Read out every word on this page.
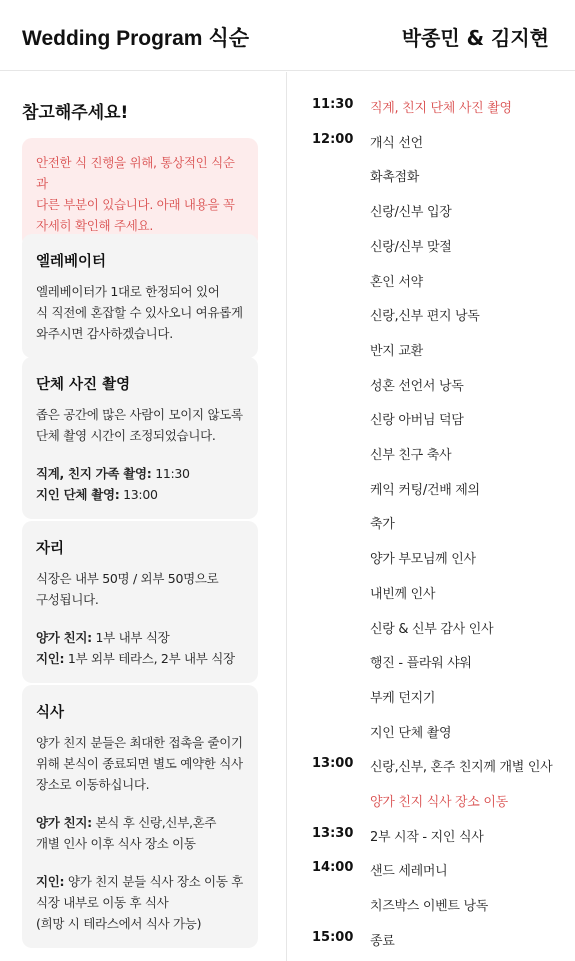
Wedding Program 식순	박종민 & 김지현
참고해주세요!

안전한 식 진행을 위해, 통상적인 식순과

다른 부분이 있습니다. 아래 내용을 꼭

자세히 확인해 주세요.

엘레베이터

엘레베이터가 1대로 한정되어 있어

식 직전에 혼잡할 수 있사오니 여유롭게

와주시면 감사하겠습니다.

단체 사진 촬영

좁은 공간에 많은 사람이 모이지 않도록

단체 촬영 시간이 조정되었습니다.

직계, 친지 가족 촬영: 11:30

지인 단체 촬영: 13:00

자리

식장은 내부 50명 / 외부 50명으로

구성됩니다.

양가 친지: 1부 내부 식장

지인: 1부 외부 테라스, 2부 내부 식장

식사

양가 친지 분들은 최대한 접촉을 줄이기

위해 본식이 종료되면 별도 예약한 식사

장소로 이동하십니다.

양가 친지: 본식 후 신랑,신부,혼주

개별 인사 이후 식사 장소 이동

지인: 양가 친지 분들 식사 장소 이동 후

식장 내부로 이동 후 식사

(희망 시 테라스에서 식사 가능)

11:30 직계, 친지 단체 사진 촬영
12:00 개식 선언
화촉점화
신랑/신부 입장
신랑/신부 맞절
혼인 서약
신랑,신부 편지 낭독
반지 교환
성혼 선언서 낭독
신랑 아버님 덕담
신부 친구 축사
케익 커팅/건배 제의
축가
양가 부모님께 인사
내빈께 인사
신랑 & 신부 감사 인사
행진 - 플라워 샤워
부케 던지기
지인 단체 촬영
13:00 신랑,신부, 혼주 친지께 개별 인사
양가 친지 식사 장소 이동
13:30 2부 시작 - 지인 식사
14:00 샌드 세레머니
치즈박스 이벤트 낭독
15:00 종료
